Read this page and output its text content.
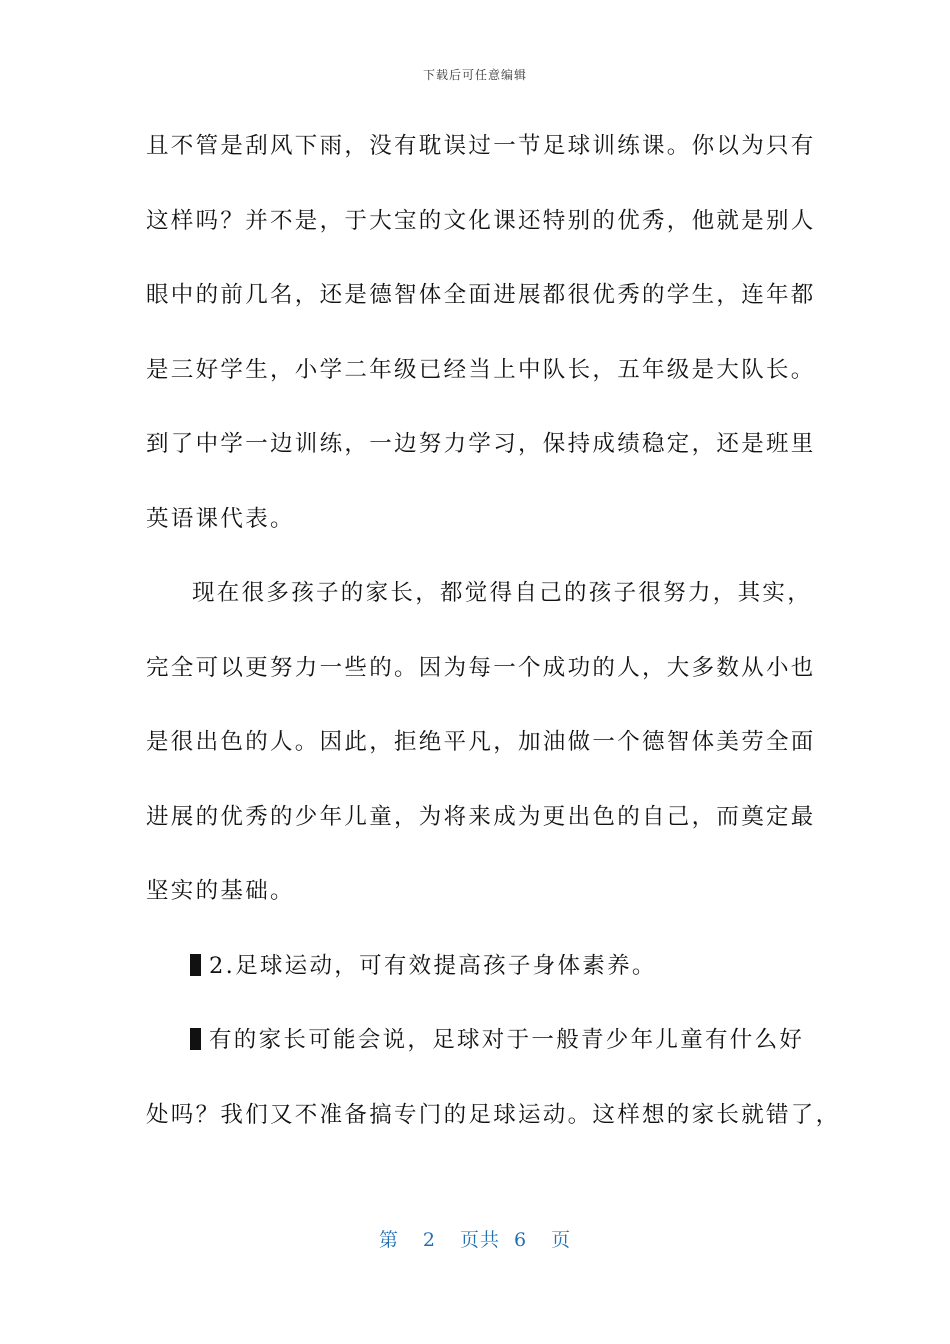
下载后可任意编辑
且不管是刮风下雨，没有耽误过一节足球训练课。你以为只有
这样吗？并不是，于大宝的文化课还特别的优秀，他就是别人
眼中的前几名，还是德智体全面进展都很优秀的学生，连年都
是三好学生，小学二年级已经当上中队长，五年级是大队长。
到了中学一边训练，一边努力学习，保持成绩稳定，还是班里
英语课代表。
现在很多孩子的家长，都觉得自己的孩子很努力，其实，
完全可以更努力一些的。因为每一个成功的人，大多数从小也
是很出色的人。因此，拒绝平凡，加油做一个德智体美劳全面
进展的优秀的少年儿童，为将来成为更出色的自己，而奠定最
坚实的基础。
2.足球运动，可有效提高孩子身体素养。
有的家长可能会说，足球对于一般青少年儿童有什么好
处吗？我们又不准备搞专门的足球运动。这样想的家长就错了，
第 2 页共 6 页
